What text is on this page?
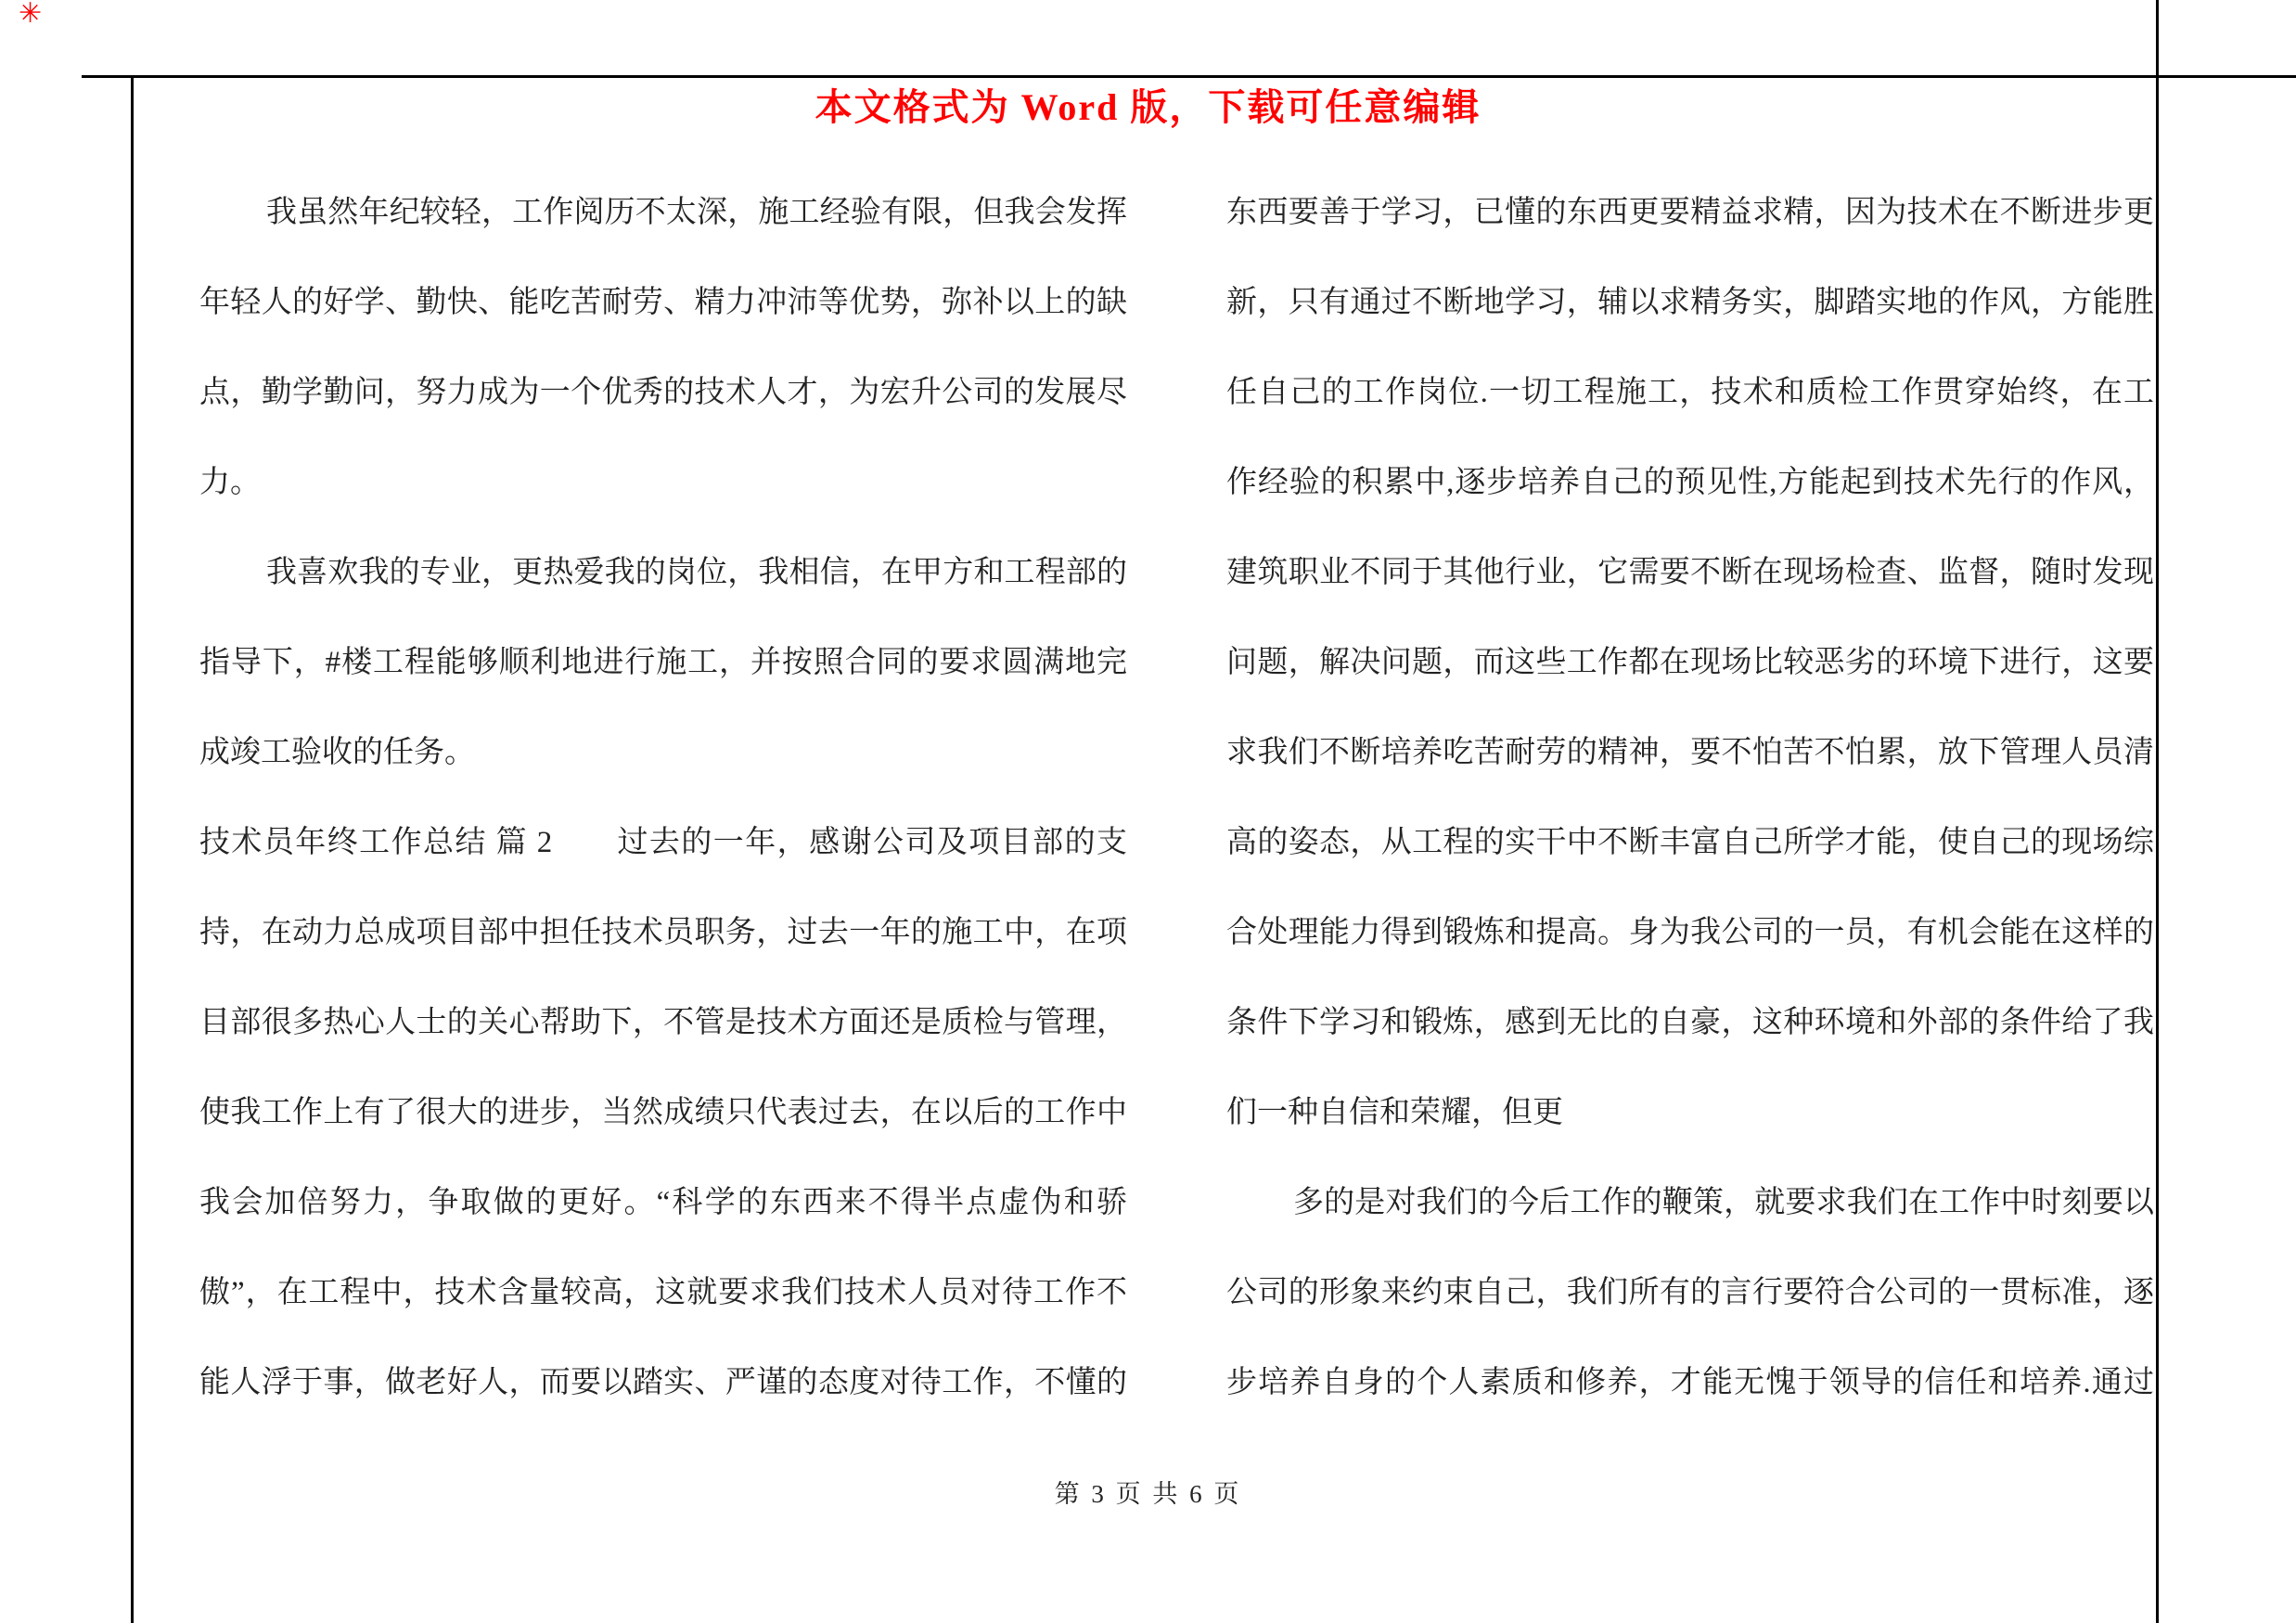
✳
本文格式为 Word 版，下载可任意编辑
我虽然年纪较轻，工作阅历不太深，施工经验有限，但我会发挥
年轻人的好学、勤快、能吃苦耐劳、精力冲沛等优势，弥补以上的缺
点，勤学勤问，努力成为一个优秀的技术人才，为宏升公司的发展尽
力。
我喜欢我的专业，更热爱我的岗位，我相信，在甲方和工程部的
指导下，#楼工程能够顺利地进行施工，并按照合同的要求圆满地完
成竣工验收的任务。
技术员年终工作总结 篇 2　　过去的一年，感谢公司及项目部的支
持，在动力总成项目部中担任技术员职务，过去一年的施工中，在项
目部很多热心人士的关心帮助下，不管是技术方面还是质检与管理，
使我工作上有了很大的进步，当然成绩只代表过去，在以后的工作中
我会加倍努力，争取做的更好。“科学的东西来不得半点虚伪和骄
傲”，在工程中，技术含量较高，这就要求我们技术人员对待工作不
能人浮于事，做老好人，而要以踏实、严谨的态度对待工作，不懂的
东西要善于学习，已懂的东西更要精益求精，因为技术在不断进步更
新，只有通过不断地学习，辅以求精务实，脚踏实地的作风，方能胜
任自己的工作岗位.一切工程施工，技术和质检工作贯穿始终，在工
作经验的积累中,逐步培养自己的预见性,方能起到技术先行的作风，
建筑职业不同于其他行业，它需要不断在现场检查、监督，随时发现
问题，解决问题，而这些工作都在现场比较恶劣的环境下进行，这要
求我们不断培养吃苦耐劳的精神，要不怕苦不怕累，放下管理人员清
高的姿态，从工程的实干中不断丰富自己所学才能，使自己的现场综
合处理能力得到锻炼和提高。身为我公司的一员，有机会能在这样的
条件下学习和锻炼，感到无比的自豪，这种环境和外部的条件给了我
们一种自信和荣耀，但更
多的是对我们的今后工作的鞭策，就要求我们在工作中时刻要以
公司的形象来约束自己，我们所有的言行要符合公司的一贯标准，逐
步培养自身的个人素质和修养，才能无愧于领导的信任和培养.通过
第 3 页 共 6 页
